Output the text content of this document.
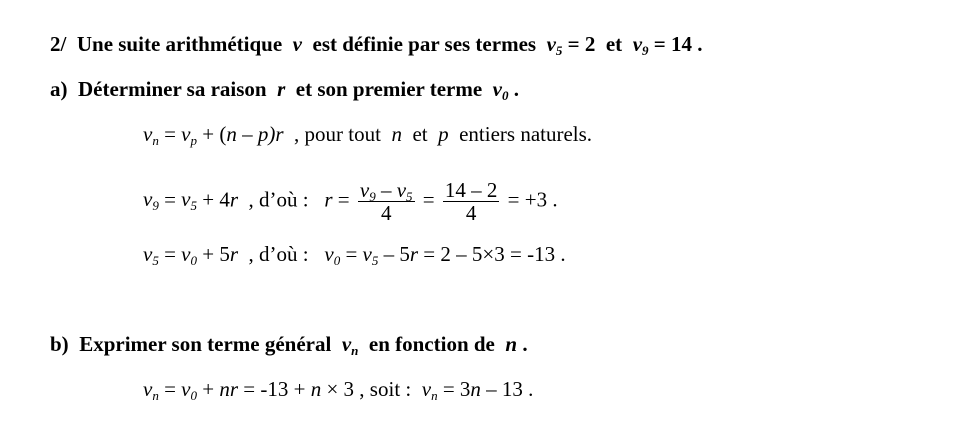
2/ Une suite arithmétique v est définie par ses termes $v_5 = 2$ et $v_9 = 14$ .
a) Déterminer sa raison r et son premier terme $v_0$ .
$v_n = v_p + (n - p)r$ , pour tout n et p entiers naturels.
$v_9 = v_5 + 4r$ , d’où : $r = \frac{v_9 - v_5}{4} = \frac{14 - 2}{4} = +3$ .
$v_5 = v_0 + 5r$ , d’où : $v_0 = v_5 - 5r = 2 - 5\times 3 = -13$ .
b) Exprimer son terme général $v_n$ en fonction de n .
$v_n = v_0$ + nr = -13 + n × 3 , soit : $v_n = 3n - 13$ .
